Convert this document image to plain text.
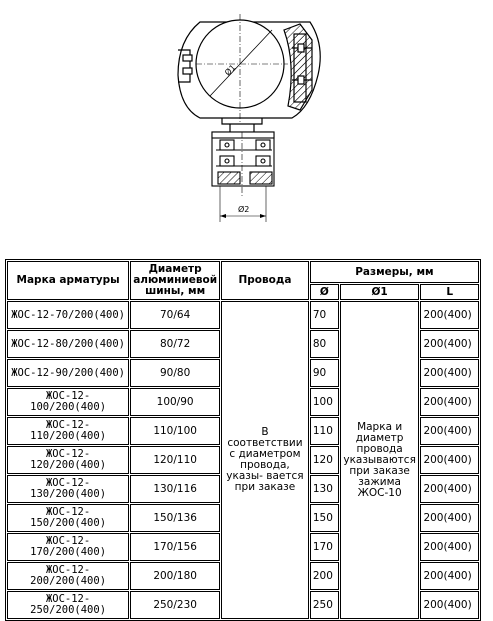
Ø1
Ø2
Марка арматуры	Диаметр алюминиевой шины, мм	Провода	Размеры, мм		
			Ø	Ø1	L
ЖОС-12-70/200(400)	70/64	В соответствии с диаметром провода, указы- вается при заказе	70	Марка и диаметр провода указываются при заказе зажима ЖОС-10	200(400)
ЖОС-12-80/200(400)	80/72		80		200(400)
ЖОС-12-90/200(400)	90/80		90		200(400)
ЖОС-12-100/200(400)	100/90		100		200(400)
ЖОС-12-110/200(400)	110/100		110		200(400)
ЖОС-12-120/200(400)	120/110		120		200(400)
ЖОС-12-130/200(400)	130/116		130		200(400)
ЖОС-12-150/200(400)	150/136		150		200(400)
ЖОС-12-170/200(400)	170/156		170		200(400)
ЖОС-12-200/200(400)	200/180		200		200(400)
ЖОС-12-250/200(400)	250/230		250		200(400)
